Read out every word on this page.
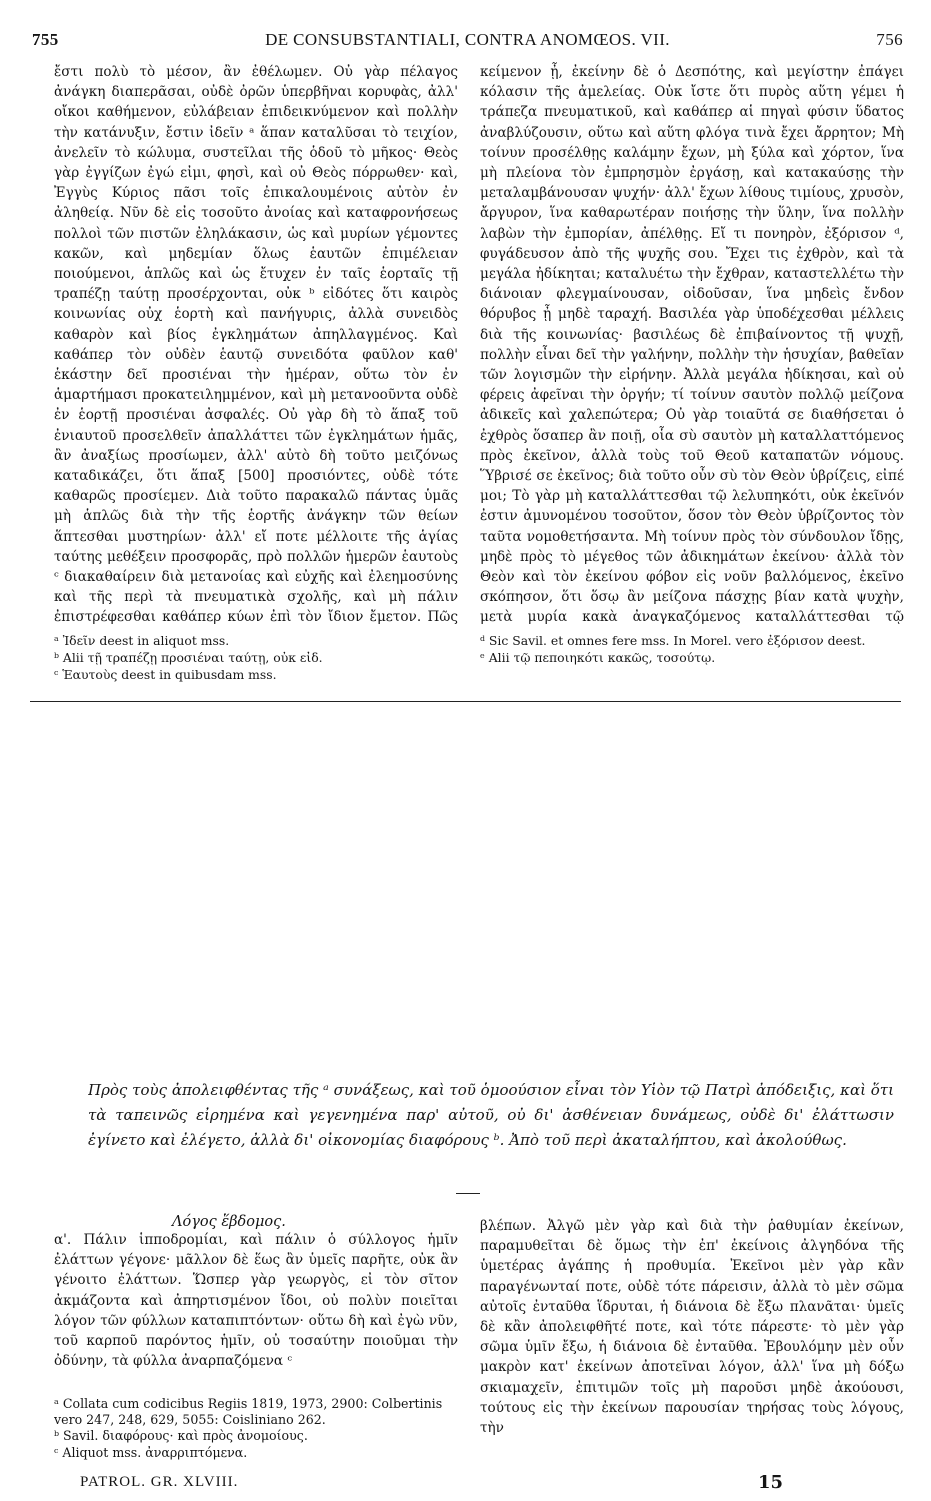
755	DE CONSUBSTANTIALI, CONTRA ANOMŒOS. VII.	756

ἔστι πολὺ τὸ μέσον, ἂν ἐθέλωμεν. Οὐ γὰρ πέλαγος ἀνάγκη διαπερᾶσαι, οὐδὲ ὀρῶν ὑπερβῆναι κορυφὰς, ἀλλ' οἴκοι καθήμενον, εὐλάβειαν ἐπιδεικνύμενον καὶ πολλὴν τὴν κατάνυξιν, ἔστιν ἰδεῖν ᵃ ἅπαν καταλῦσαι τὸ τειχίον, ἀνελεῖν τὸ κώλυμα, συστεῖλαι τῆς ὁδοῦ τὸ μῆκος· Θεὸς γὰρ ἐγγίζων ἐγώ εἰμι, φησὶ, καὶ οὐ Θεὸς πόρρωθεν· καὶ, Ἐγγὺς Κύριος πᾶσι τοῖς ἐπικαλουμένοις αὐτὸν ἐν ἀληθείᾳ. Νῦν δὲ εἰς τοσοῦτο ἀνοίας καὶ καταφρονήσεως πολλοὶ τῶν πιστῶν ἐληλάκασιν, ὡς καὶ μυρίων γέμοντες κακῶν, καὶ μηδεμίαν ὅλως ἑαυτῶν ἐπιμέλειαν ποιούμενοι, ἁπλῶς καὶ ὡς ἔτυχεν ἐν ταῖς ἑορταῖς τῇ τραπέζῃ ταύτῃ προσέρχονται, οὐκ ᵇ εἰδότες ὅτι καιρὸς κοινωνίας οὐχ ἑορτὴ καὶ πανήγυρις, ἀλλὰ συνειδὸς καθαρὸν καὶ βίος ἐγκλημάτων ἀπηλλαγμένος. Καὶ καθάπερ τὸν οὐδὲν ἑαυτῷ συνειδότα φαῦλον καθ' ἑκάστην δεῖ προσιέναι τὴν ἡμέραν, οὕτω τὸν ἐν ἁμαρτήμασι προκατειλημμένον, καὶ μὴ μετανοοῦντα οὐδὲ ἐν ἑορτῇ προσιέναι ἀσφαλές. Οὐ γὰρ δὴ τὸ ἅπαξ τοῦ ἐνιαυτοῦ προσελθεῖν ἀπαλλάττει τῶν ἐγκλημάτων ἡμᾶς, ἂν ἀναξίως προσίωμεν, ἀλλ' αὐτὸ δὴ τοῦτο μειζόνως καταδικάζει, ὅτι ἅπαξ [500] προσιόντες, οὐδὲ τότε καθαρῶς προσίεμεν. Διὰ τοῦτο παρακαλῶ πάντας ὑμᾶς μὴ ἁπλῶς διὰ τὴν τῆς ἑορτῆς ἀνάγκην τῶν θείων ἅπτεσθαι μυστηρίων· ἀλλ' εἴ ποτε μέλλοιτε τῆς ἁγίας ταύτης μεθέξειν προσφορᾶς, πρὸ πολλῶν ἡμερῶν ἑαυτοὺς ᶜ διακαθαίρειν διὰ μετανοίας καὶ εὐχῆς καὶ ἐλεημοσύνης καὶ τῆς περὶ τὰ πνευματικὰ σχολῆς, καὶ μὴ πάλιν ἐπιστρέφεσθαι καθάπερ κύων ἐπὶ τὸν ἴδιον ἔμετον. Πῶς

κείμενον ᾖ, ἐκείνην δὲ ὁ Δεσπότης, καὶ μεγίστην ἐπάγει κόλασιν τῆς ἀμελείας. Οὐκ ἴστε ὅτι πυρὸς αὕτη γέμει ἡ τράπεζα πνευματικοῦ, καὶ καθάπερ αἱ πηγαὶ φύσιν ὕδατος ἀναβλύζουσιν, οὕτω καὶ αὕτη φλόγα τινὰ ἔχει ἄρρητον; Μὴ τοίνυν προσέλθῃς καλάμην ἔχων, μὴ ξύλα καὶ χόρτον, ἵνα μὴ πλείονα τὸν ἐμπρησμὸν ἐργάσῃ, καὶ κατακαύσῃς τὴν μεταλαμβάνουσαν ψυχήν· ἀλλ' ἔχων λίθους τιμίους, χρυσὸν, ἄργυρον, ἵνα καθαρωτέραν ποιήσῃς τὴν ὕλην, ἵνα πολλὴν λαβὼν τὴν ἐμπορίαν, ἀπέλθῃς. Εἴ τι πονηρὸν, ἐξόρισον ᵈ, φυγάδευσον ἀπὸ τῆς ψυχῆς σου. Ἔχει τις ἐχθρὸν, καὶ τὰ μεγάλα ἠδίκηται; καταλυέτω τὴν ἔχθραν, καταστελλέτω τὴν διάνοιαν φλεγμαίνουσαν, οἰδοῦσαν, ἵνα μηδεὶς ἔνδον θόρυβος ᾖ μηδὲ ταραχή. Βασιλέα γὰρ ὑποδέχεσθαι μέλλεις διὰ τῆς κοινωνίας· βασιλέως δὲ ἐπιβαίνοντος τῇ ψυχῇ, πολλὴν εἶναι δεῖ τὴν γαλήνην, πολλὴν τὴν ἡσυχίαν, βαθεῖαν τῶν λογισμῶν τὴν εἰρήνην. Ἀλλὰ μεγάλα ἠδίκησαι, καὶ οὐ φέρεις ἀφεῖναι τὴν ὀργήν; τί τοίνυν σαυτὸν πολλῷ μείζονα ἀδικεῖς καὶ χαλεπώτερα; Οὐ γὰρ τοιαῦτά σε διαθήσεται ὁ ἐχθρὸς ὅσαπερ ἂν ποιῇ, οἷα σὺ σαυτὸν μὴ καταλλαττόμενος πρὸς ἐκεῖνον, ἀλλὰ τοὺς τοῦ Θεοῦ καταπατῶν νόμους. Ὕβρισέ σε ἐκεῖνος; διὰ τοῦτο οὖν σὺ τὸν Θεὸν ὑβρίζεις, εἰπέ μοι; Τὸ γὰρ μὴ καταλλάττεσθαι τῷ λελυπηκότι, οὐκ ἐκεῖνόν ἐστιν ἀμυνομένου τοσοῦτον, ὅσον τὸν Θεὸν ὑβρίζοντος τὸν ταῦτα νομοθετήσαντα. Μὴ τοίνυν πρὸς τὸν σύνδουλον ἴδῃς, μηδὲ πρὸς τὸ μέγεθος τῶν ἀδικημάτων ἐκείνου· ἀλλὰ τὸν Θεὸν καὶ τὸν ἐκείνου φόβον εἰς νοῦν βαλλόμενος, ἐκεῖνο σκόπησον, ὅτι ὅσῳ ἂν μείζονα πάσχῃς βίαν κατὰ ψυχὴν, μετὰ μυρία κακὰ ἀναγκαζόμενος καταλλάττεσθαι τῷ

ᵃ Ἰδεῖν deest in aliquot mss.
ᵇ Alii τῇ τραπέζῃ προσιέναι ταύτῃ, οὐκ εἰδ.
ᶜ Ἑαυτοὺς deest in quibusdam mss.
ᵈ Sic Savil. et omnes fere mss. In Morel. vero ἐξόρισον deest.
ᵉ Alii τῷ πεποιηκότι κακῶς, τοσούτῳ.
Πρὸς τοὺς ἀπολειφθέντας τῆς ᵃ συνάξεως, καὶ τοῦ ὁμοούσιον εἶναι τὸν Υἱὸν τῷ Πατρὶ ἀπόδειξις, καὶ ὅτι τὰ ταπεινῶς εἰρημένα καὶ γεγενημένα παρ' αὐτοῦ, οὐ δι' ἀσθένειαν δυνάμεως, οὐδὲ δι' ἐλάττωσιν ἐγίνετο καὶ ἐλέγετο, ἀλλὰ δι' οἰκονομίας διαφόρους ᵇ. Ἀπὸ τοῦ περὶ ἀκαταλήπτου, καὶ ἀκολούθως.
Λόγος ἕβδομος.

α'. Πάλιν ἱπποδρομίαι, καὶ πάλιν ὁ σύλλογος ἡμῖν ἐλάττων γέγονε· μᾶλλον δὲ ἕως ἂν ὑμεῖς παρῆτε, οὐκ ἂν γένοιτο ἐλάττων. Ὥσπερ γὰρ γεωργὸς, εἰ τὸν σῖτον ἀκμάζοντα καὶ ἀπηρτισμένον ἴδοι, οὐ πολὺν ποιεῖται λόγον τῶν φύλλων καταπιπτόντων· οὕτω δὴ καὶ ἐγὼ νῦν, τοῦ καρποῦ παρόντος ἡμῖν, οὐ τοσαύτην ποιοῦμαι τὴν ὀδύνην, τὰ φύλλα ἀναρπαζόμενα ᶜ

βλέπων. Ἀλγῶ μὲν γὰρ καὶ διὰ τὴν ῥαθυμίαν ἐκείνων, παραμυθεῖται δὲ ὅμως τὴν ἐπ' ἐκείνοις ἀλγηδόνα τῆς ὑμετέρας ἀγάπης ἡ προθυμία. Ἐκεῖνοι μὲν γὰρ κἂν παραγένωνταί ποτε, οὐδὲ τότε πάρεισιν, ἀλλὰ τὸ μὲν σῶμα αὐτοῖς ἐνταῦθα ἵδρυται, ἡ διάνοια δὲ ἔξω πλανᾶται· ὑμεῖς δὲ κἂν ἀπολειφθῆτέ ποτε, καὶ τότε πάρεστε· τὸ μὲν γὰρ σῶμα ὑμῖν ἔξω, ἡ διάνοια δὲ ἐνταῦθα. Ἐβουλόμην μὲν οὖν μακρὸν κατ' ἐκείνων ἀποτεῖναι λόγον, ἀλλ' ἵνα μὴ δόξω σκιαμαχεῖν, ἐπιτιμῶν τοῖς μὴ παροῦσι μηδὲ ἀκούουσι, τούτους εἰς τὴν ἐκείνων παρουσίαν τηρήσας τοὺς λόγους, τὴν

ᵃ Collata cum codicibus Regiis 1819, 1973, 2900: Colbertinis vero 247, 248, 629, 5055: Coisliniano 262.
ᵇ Savil. διαφόρους· καὶ πρὸς ἀνομοίους.
ᶜ Aliquot mss. ἀναρριπτόμενα.
PATROL. GR. XLVIII.	15
